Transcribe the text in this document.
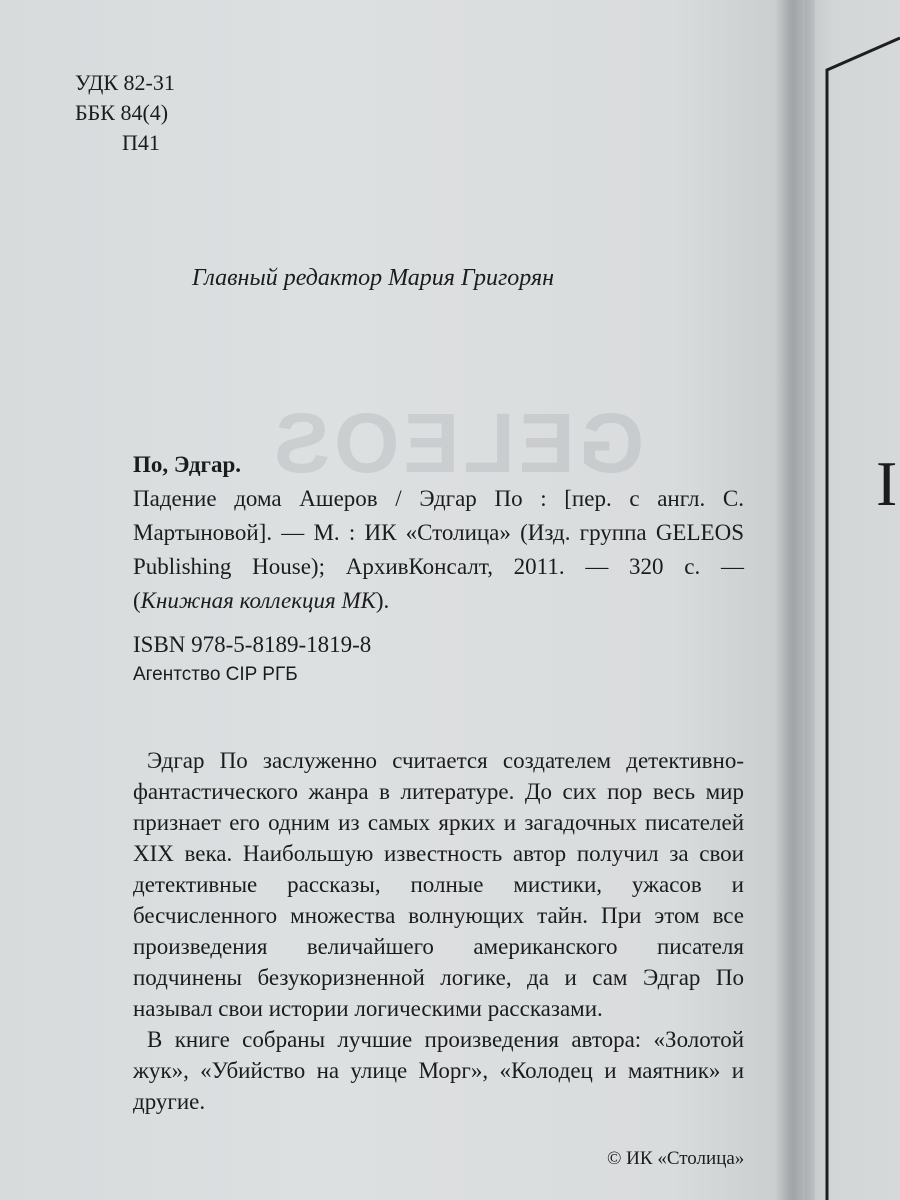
I
GELEOS
УДК 82-31
ББК 84(4)
П41
Главный редактор Мария Григорян
По, Эдгар.
Падение дома Ашеров / Эдгар По : [пер. с англ. С. Мартыновой]. — М. : ИК «Столица» (Изд. группа GELEOS Publishing House); АрхивКонсалт, 2011. — 320 с. — (Книжная коллекция МК).
ISBN 978-5-8189-1819-8
Агентство CIP РГБ

Эдгар По заслуженно считается создателем детективно-фантастического жанра в литературе. До сих пор весь мир признает его одним из самых ярких и загадочных писателей XIX века. Наибольшую известность автор получил за свои детективные рассказы, полные мистики, ужасов и бесчисленного множества волнующих тайн. При этом все произведения величайшего американского писателя подчинены безукоризненной логике, да и сам Эдгар По называл свои истории логическими рассказами.

В книге собраны лучшие произведения автора: «Золотой жук», «Убийство на улице Морг», «Колодец и маятник» и другие.

© ИК «Столица»
